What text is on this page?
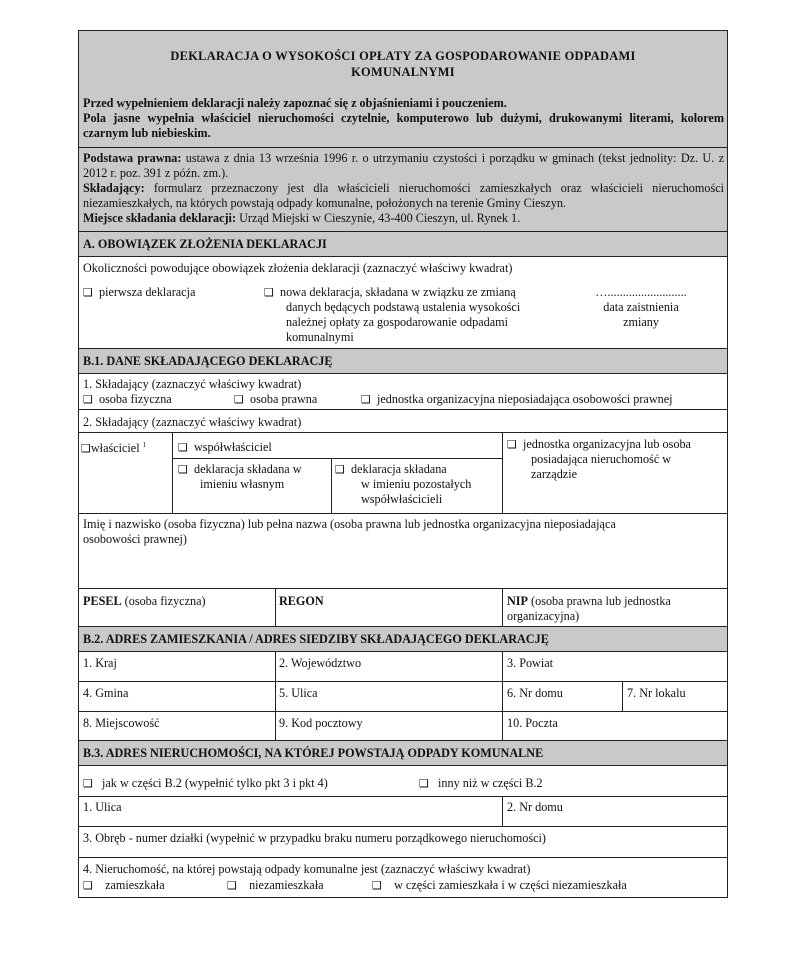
DEKLARACJA O WYSOKOŚCI OPŁATY ZA GOSPODAROWANIE ODPADAMI
KOMUNALNYMI
Przed wypełnieniem deklaracji należy zapoznać się z objaśnieniami i pouczeniem.
Pola jasne wypełnia właściciel nieruchomości czytelnie, komputerowo lub dużymi, drukowanymi literami, kolorem czarnym lub niebieskim.
Podstawa prawna: ustawa z dnia 13 września 1996 r. o utrzymaniu czystości i porządku w gminach (tekst jednolity: Dz. U. z 2012 r. poz. 391 z późn. zm.).
Składający: formularz przeznaczony jest dla właścicieli nieruchomości zamieszkałych oraz właścicieli nieruchomości niezamieszkałych, na których powstają odpady komunalne, położonych na terenie Gminy Cieszyn.
Miejsce składania deklaracji: Urząd Miejski w Cieszynie, 43-400 Cieszyn, ul. Rynek 1.
A. OBOWIĄZEK ZŁOŻENIA DEKLARACJI
Okoliczności powodujące obowiązek złożenia deklaracji (zaznaczyć właściwy kwadrat)
❑ pierwsza deklaracja	❑ nowa deklaracja, składana w związku ze zmianą
danych będących podstawą ustalenia wysokości
należnej opłaty za gospodarowanie odpadami
komunalnymi
…..........................
data zaistnienia
zmiany
B.1. DANE SKŁADAJĄCEGO DEKLARACJĘ
1. Składający (zaznaczyć właściwy kwadrat)
❑ osoba fizyczna	❑ osoba prawna	❑ jednostka organizacyjna nieposiadająca osobowości prawnej
2. Składający (zaznaczyć właściwy kwadrat)
❑właściciel $^1$	❑ współwłaściciel
❑ deklaracja składana w
imieniu własnym
❑ deklaracja składana
w imieniu pozostałych
współwłaścicieli
❑ jednostka organizacyjna lub osoba
posiadająca nieruchomość w
zarządzie
Imię i nazwisko (osoba fizyczna) lub pełna nazwa (osoba prawna lub jednostka organizacyjna nieposiadająca
osobowości prawnej)
PESEL (osoba fizyczna)	REGON	NIP (osoba prawna lub jednostka
organizacyjna)
B.2. ADRES ZAMIESZKANIA / ADRES SIEDZIBY SKŁADAJĄCEGO DEKLARACJĘ
1. Kraj	2. Województwo	3. Powiat
4. Gmina	5. Ulica	6. Nr domu	7. Nr lokalu
8. Miejscowość	9. Kod pocztowy	10. Poczta
B.3. ADRES NIERUCHOMOŚCI, NA KTÓREJ POWSTAJĄ ODPADY KOMUNALNE
❑ jak w części B.2 (wypełnić tylko pkt 3 i pkt 4)	❑ inny niż w części B.2
1. Ulica	2. Nr domu
3. Obręb - numer działki (wypełnić w przypadku braku numeru porządkowego nieruchomości)
4. Nieruchomość, na której powstają odpady komunalne jest (zaznaczyć właściwy kwadrat)
❑ zamieszkała	❑ niezamieszkała	❑ w części zamieszkała i w części niezamieszkała
